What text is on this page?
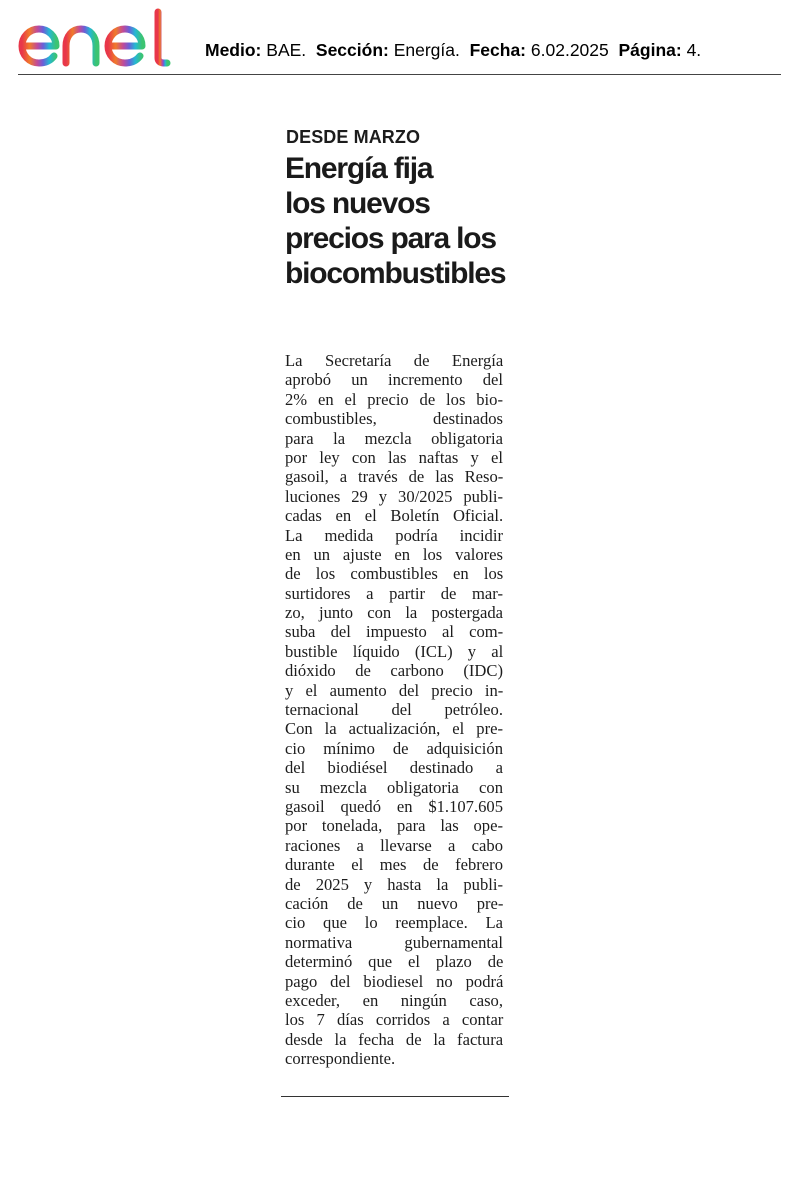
Medio: BAE. Sección: Energía. Fecha: 6.02.2025 Página: 4.
DESDE MARZO
Energía fija
los nuevos
precios para los
biocombustibles
La Secretaría de Energía
aprobó un incremento del
2% en el precio de los bio-
combustibles, destinados
para la mezcla obligatoria
por ley con las naftas y el
gasoil, a través de las Reso-
luciones 29 y 30/2025 publi-
cadas en el Boletín Oficial.
La medida podría incidir
en un ajuste en los valores
de los combustibles en los
surtidores a partir de mar-
zo, junto con la postergada
suba del impuesto al com-
bustible líquido (ICL) y al
dióxido de carbono (IDC)
y el aumento del precio in-
ternacional del petróleo.
Con la actualización, el pre-
cio mínimo de adquisición
del biodiésel destinado a
su mezcla obligatoria con
gasoil quedó en $1.107.605
por tonelada, para las ope-
raciones a llevarse a cabo
durante el mes de febrero
de 2025 y hasta la publi-
cación de un nuevo pre-
cio que lo reemplace. La
normativa gubernamental
determinó que el plazo de
pago del biodiesel no podrá
exceder, en ningún caso,
los 7 días corridos a contar
desde la fecha de la factura
correspondiente.
